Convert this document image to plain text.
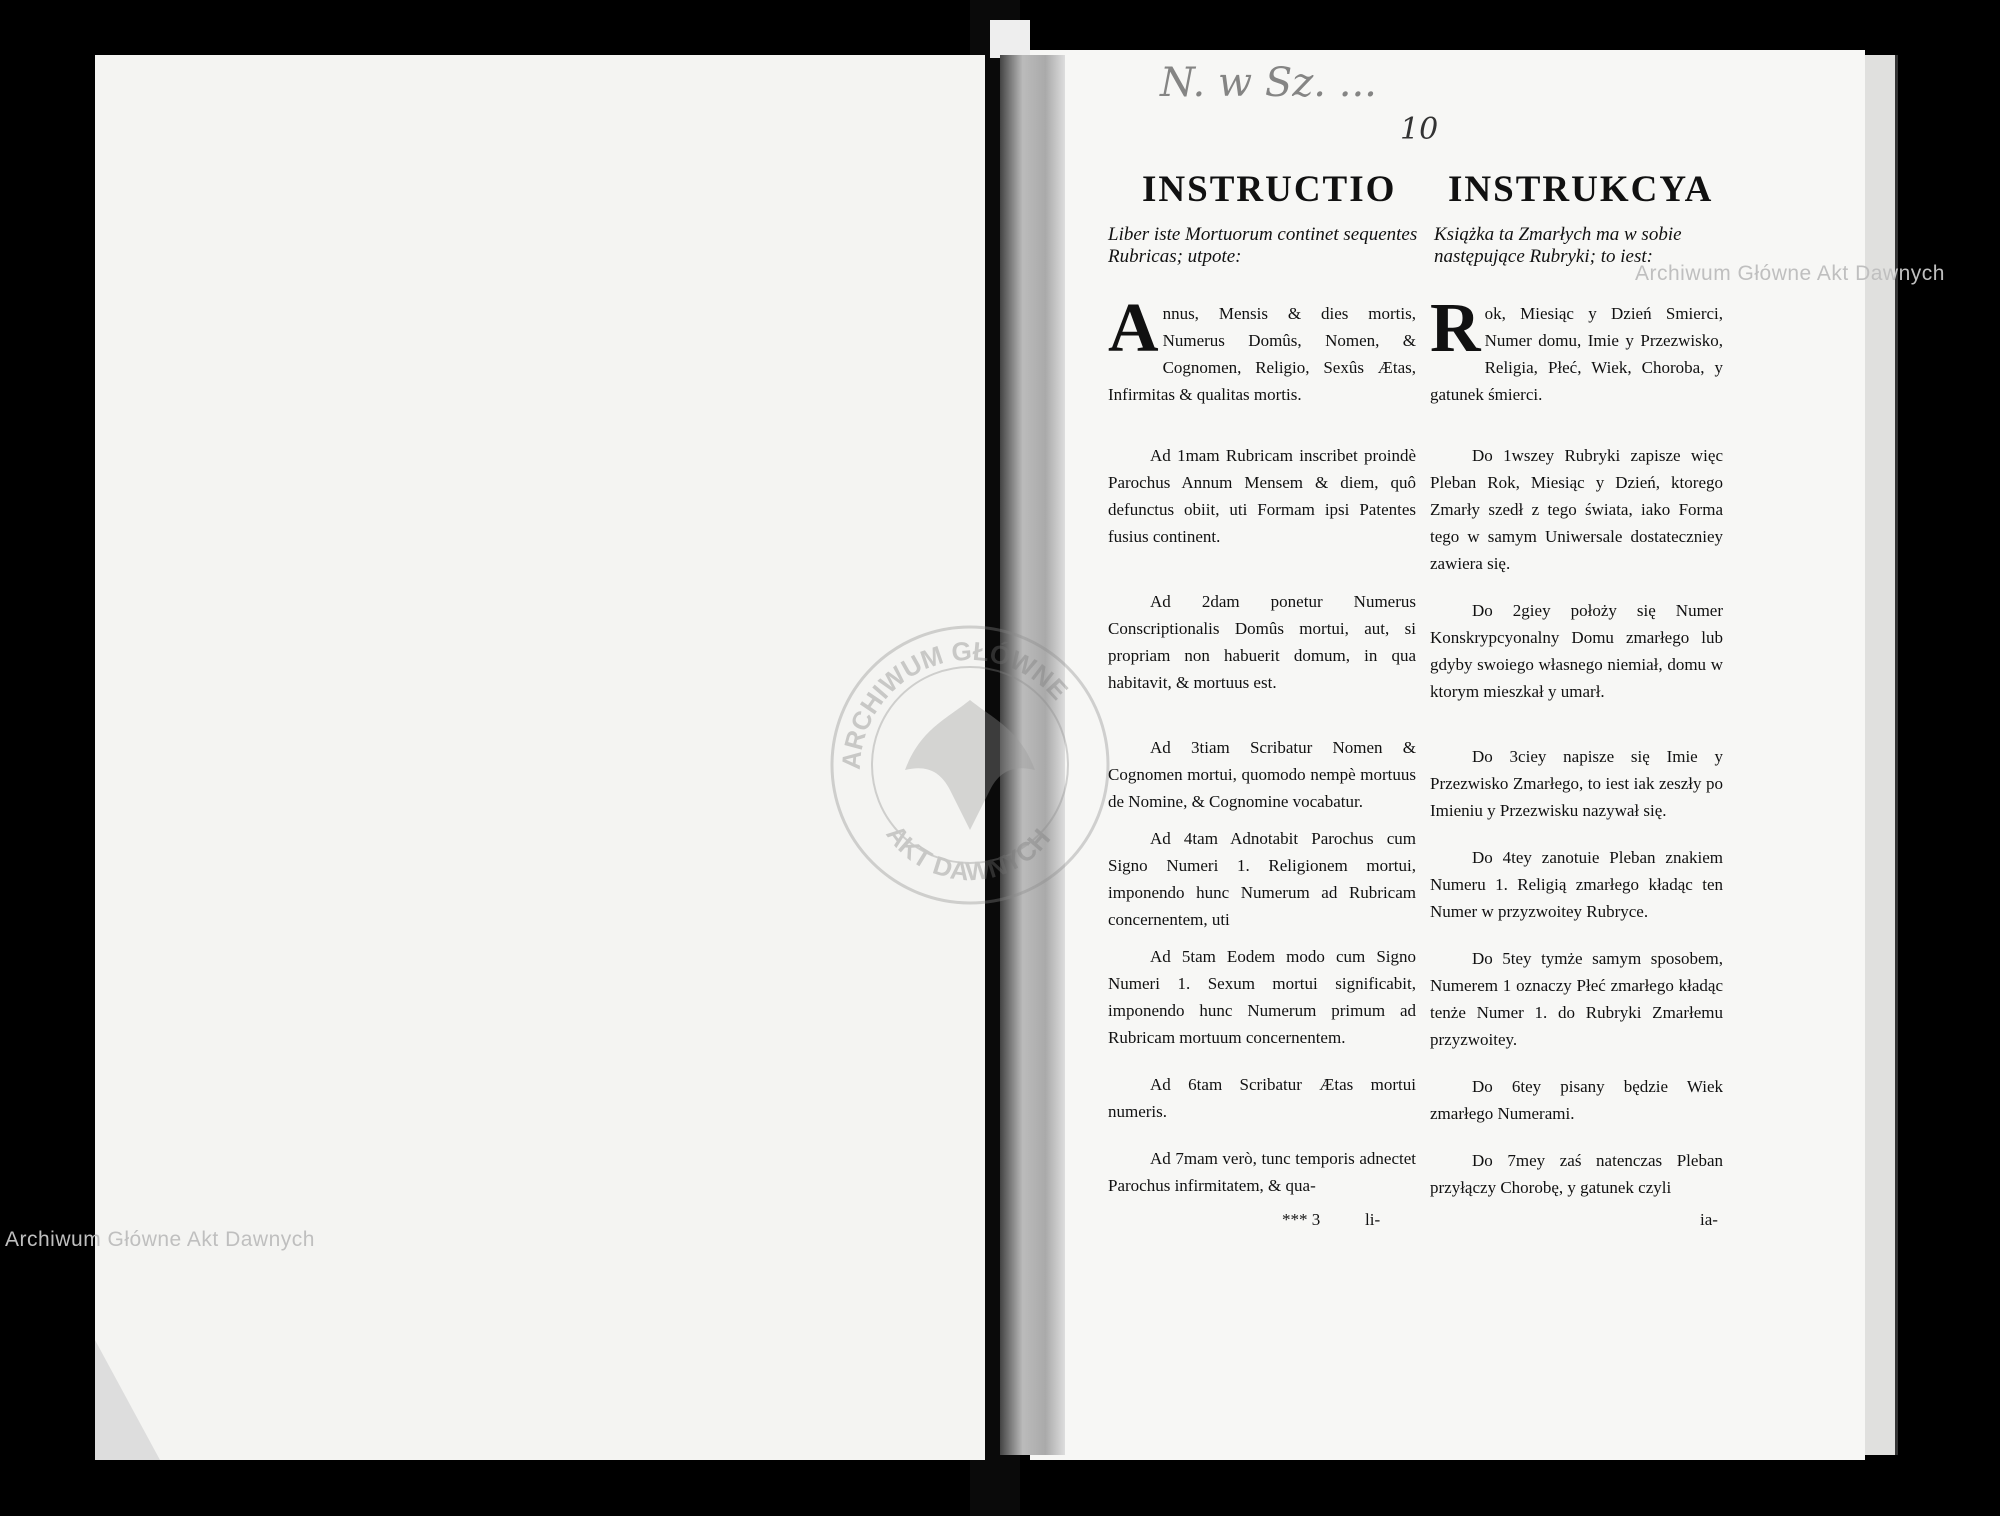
Archiwum Główne Akt Dawnych
Archiwum Główne Akt Dawnych
ARCHIWUM GŁÓWNE
AKT DAWNYCH
N. w Sz. ...
10
INSTRUCTIO
Liber iste Mortuorum continet sequentes Rubricas; utpote:

Annus, Mensis & dies mortis, Numerus Domûs, Nomen, & Cognomen, Religio, Sexûs Ætas, Infirmitas & qualitas mortis.

Ad 1mam Rubricam inscribet proindè Parochus Annum Mensem & diem, quô defunctus obiit, uti Formam ipsi Patentes fusius continent.

Ad 2dam ponetur Numerus Conscriptionalis Domûs mortui, aut, si propriam non habuerit domum, in qua habitavit, & mortuus est.

Ad 3tiam Scribatur Nomen & Cognomen mortui, quomodo nempè mortuus de Nomine, & Cognomine vocabatur.

Ad 4tam Adnotabit Parochus cum Signo Numeri 1. Religionem mortui, imponendo hunc Numerum ad Rubricam concernentem, uti

Ad 5tam Eodem modo cum Signo Numeri 1. Sexum mortui significabit, imponendo hunc Numerum primum ad Rubricam mortuum concernentem.

Ad 6tam Scribatur Ætas mortui numeris.

Ad 7mam verò, tunc temporis adnectet Parochus infirmitatem, & qua-

*** 3	li-
INSTRUKCYA
Książka ta Zmarłych ma w sobie następujące Rubryki; to iest:

Rok, Miesiąc y Dzień Smierci, Numer domu, Imie y Przezwisko, Religia, Płeć, Wiek, Choroba, y gatunek śmierci.

Do 1wszey Rubryki zapisze więc Pleban Rok, Miesiąc y Dzień, ktorego Zmarły szedł z tego świata, iako Forma tego w samym Uniwersale dostateczniey zawiera się.

Do 2giey położy się Numer Konskrypcyonalny Domu zmarłego lub gdyby swoiego własnego niemiał, domu w ktorym mieszkał y umarł.

Do 3ciey napisze się Imie y Przezwisko Zmarłego, to iest iak zeszły po Imieniu y Przezwisku nazywał się.

Do 4tey zanotuie Pleban znakiem Numeru 1. Religią zmarłego kładąc ten Numer w przyzwoitey Rubryce.

Do 5tey tymże samym sposobem, Numerem 1 oznaczy Płeć zmarłego kładąc tenże Numer 1. do Rubryki Zmarłemu przyzwoitey.

Do 6tey pisany będzie Wiek zmarłego Numerami.

Do 7mey zaś natenczas Pleban przyłączy Chorobę, y gatunek czyli

ia-
